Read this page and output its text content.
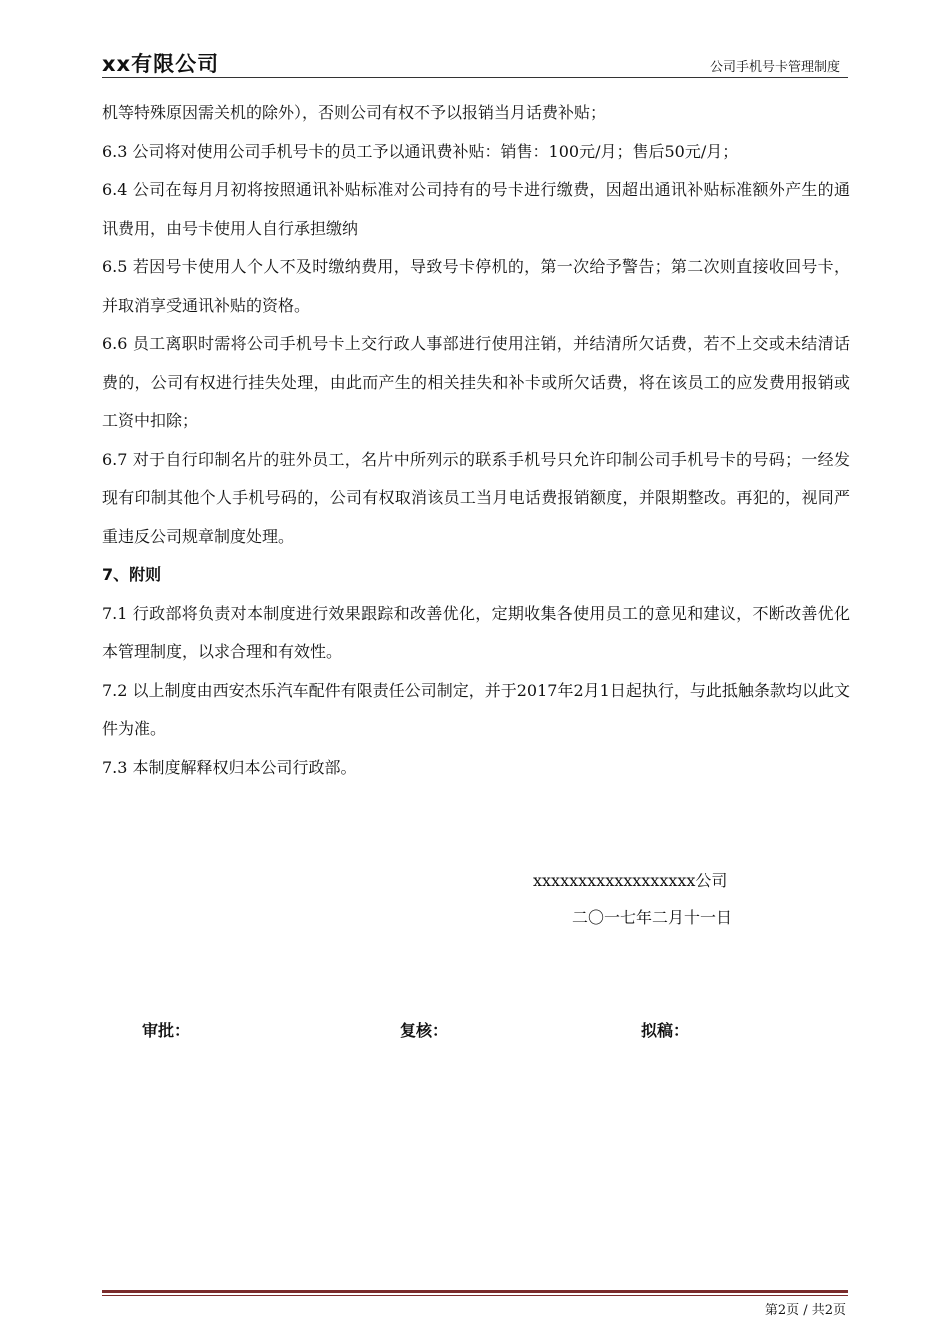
xx有限公司	公司手机号卡管理制度

机等特殊原因需关机的除外），否则公司有权不予以报销当月话费补贴；

6.3 公司将对使用公司手机号卡的员工予以通讯费补贴：销售：100元/月；售后50元/月；

6.4 公司在每月月初将按照通讯补贴标准对公司持有的号卡进行缴费，因超出通讯补贴标准额外产生的通讯费用，由号卡使用人自行承担缴纳

6.5 若因号卡使用人个人不及时缴纳费用，导致号卡停机的，第一次给予警告；第二次则直接收回号卡，并取消享受通讯补贴的资格。

6.6 员工离职时需将公司手机号卡上交行政人事部进行使用注销，并结清所欠话费，若不上交或未结清话费的，公司有权进行挂失处理，由此而产生的相关挂失和补卡或所欠话费，将在该员工的应发费用报销或工资中扣除；

6.7 对于自行印制名片的驻外员工，名片中所列示的联系手机号只允许印制公司手机号卡的号码；一经发现有印制其他个人手机号码的，公司有权取消该员工当月电话费报销额度，并限期整改。再犯的，视同严重违反公司规章制度处理。

7、附则

7.1 行政部将负责对本制度进行效果跟踪和改善优化，定期收集各使用员工的意见和建议，不断改善优化本管理制度，以求合理和有效性。

7.2 以上制度由西安杰乐汽车配件有限责任公司制定，并于2017年2月1日起执行，与此抵触条款均以此文件为准。

7.3 本制度解释权归本公司行政部。

xxxxxxxxxxxxxxxxxx公司
二〇一七年二月十一日
审批：	复核：	拟稿：
第2页 / 共2页
